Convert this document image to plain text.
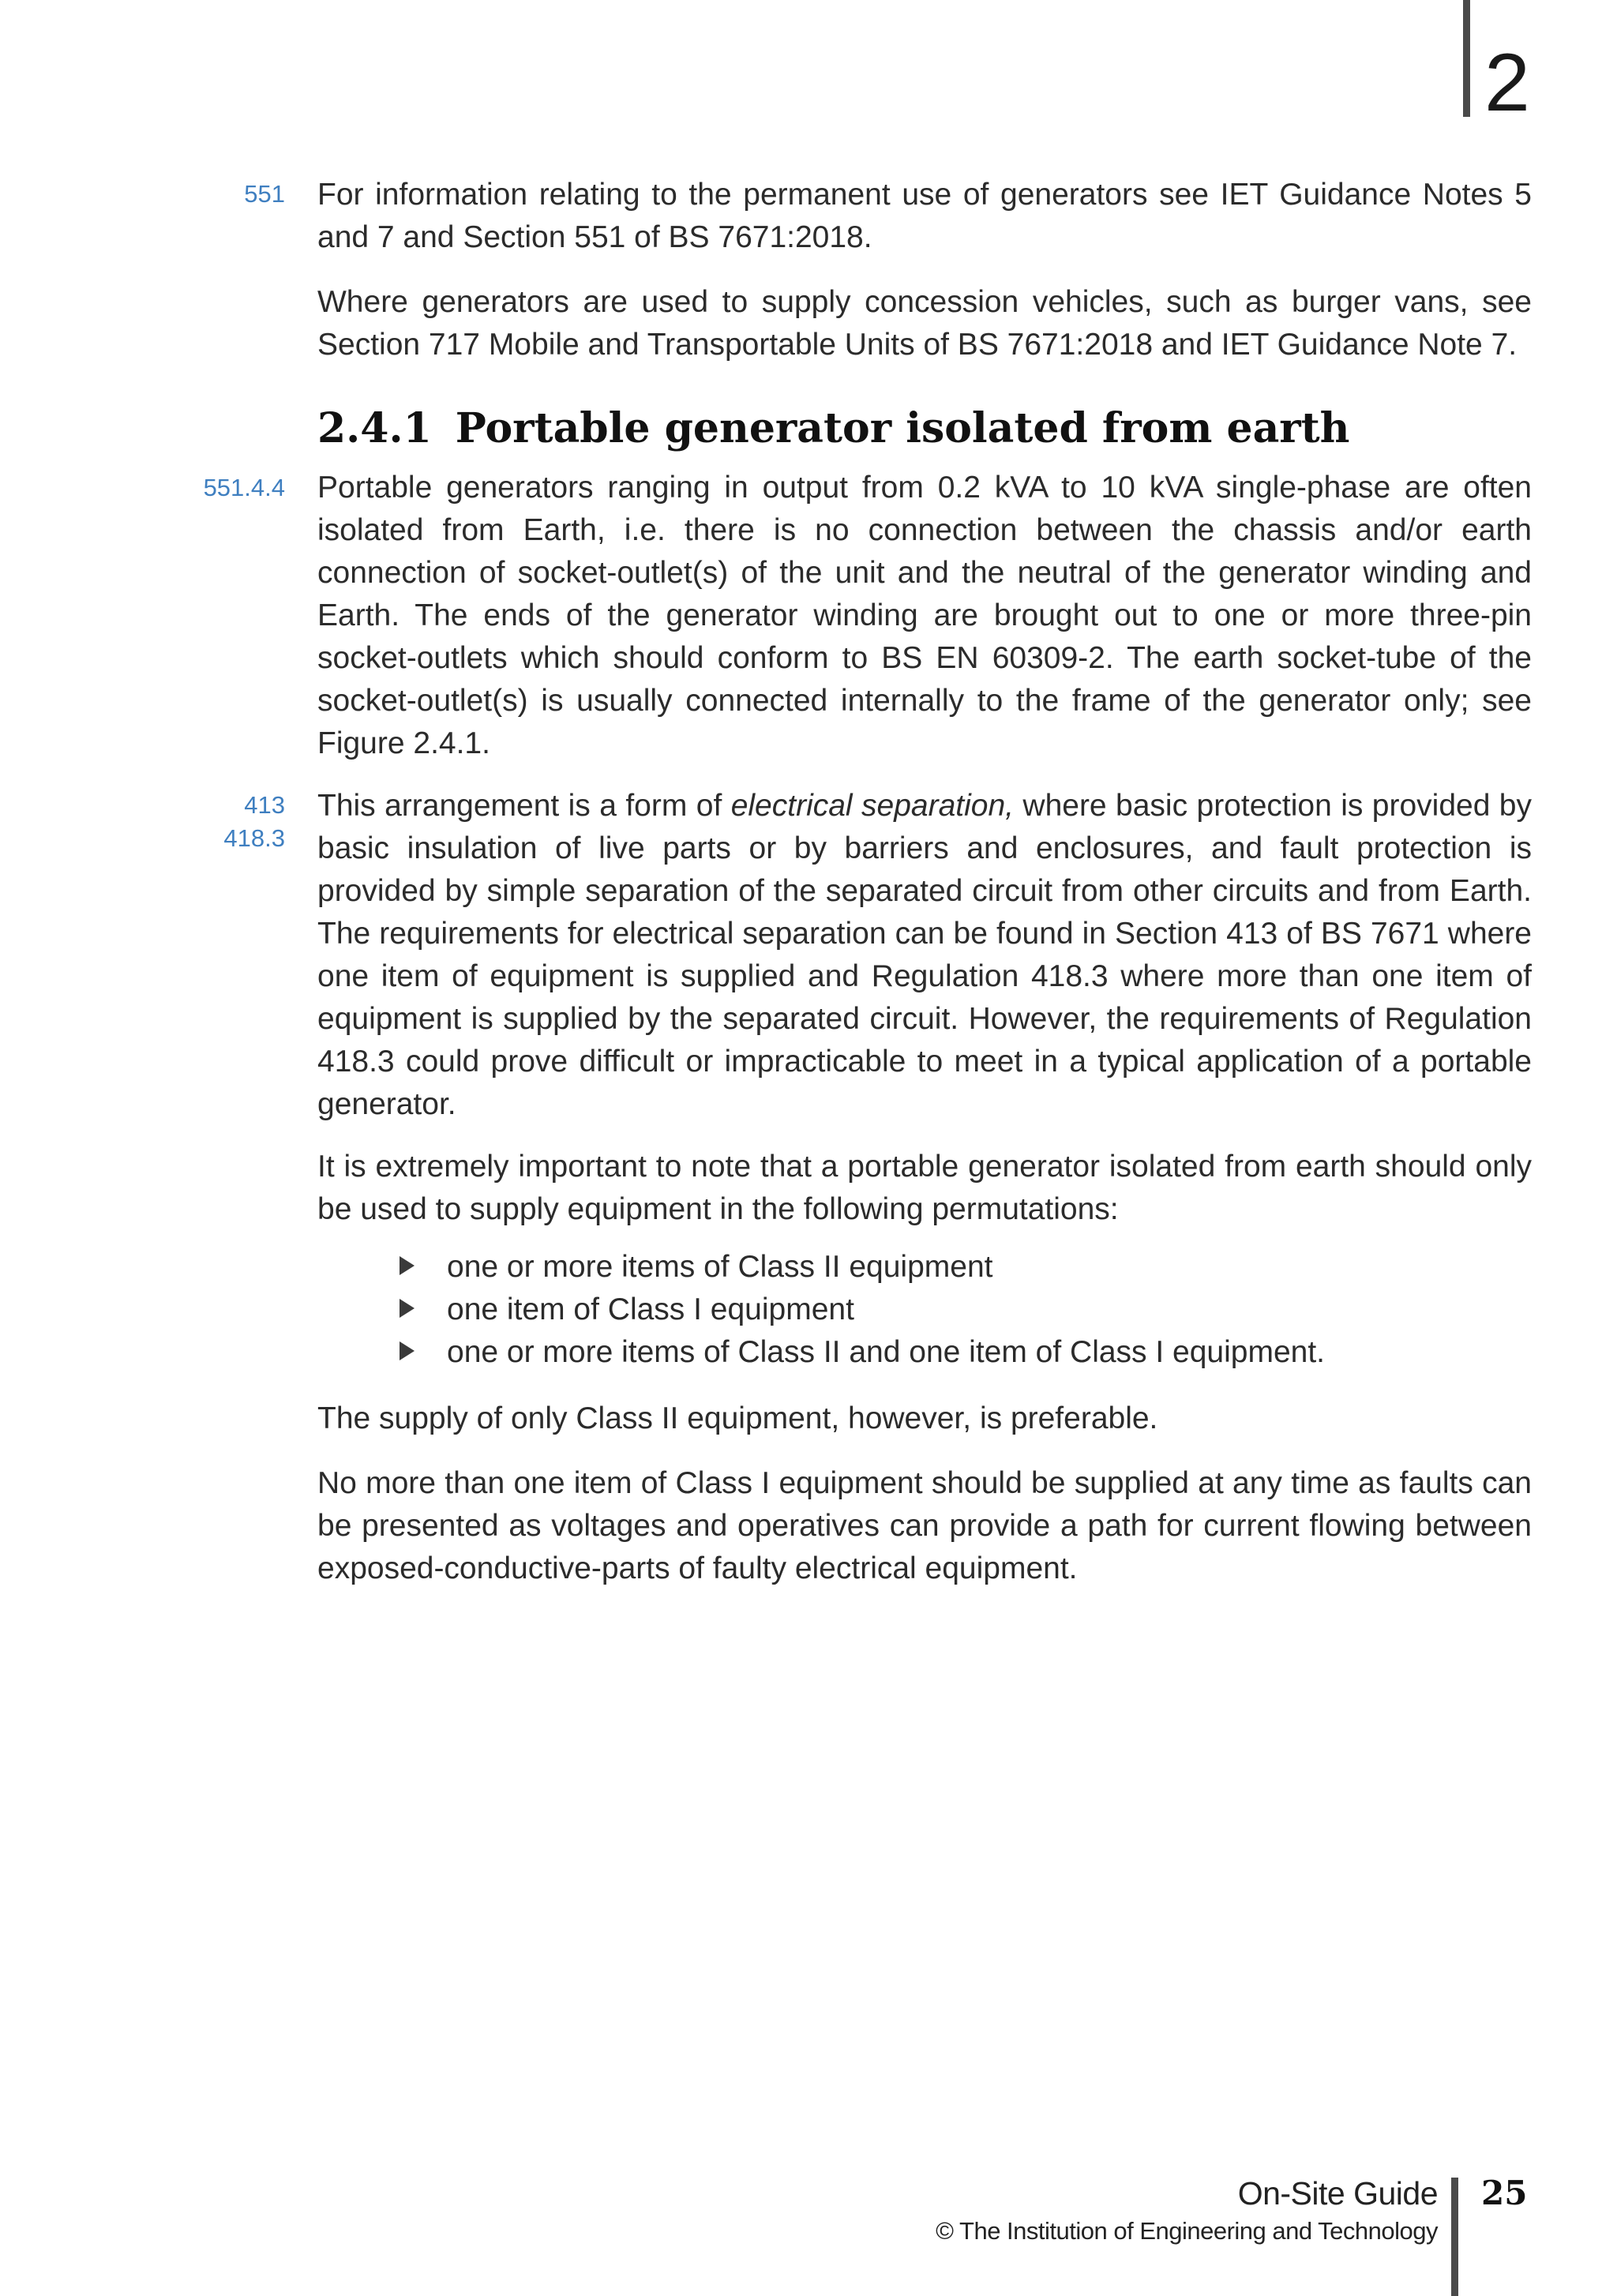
2
551 For information relating to the permanent use of generators see IET Guidance Notes 5 and 7 and Section 551 of BS 7671:2018.

Where generators are used to supply concession vehicles, such as burger vans, see Section 717 Mobile and Transportable Units of BS 7671:2018 and IET Guidance Note 7.

2.4.1 Portable generator isolated from earth
551.4.4 Portable generators ranging in output from 0.2 kVA to 10 kVA single-phase are often isolated from Earth, i.e. there is no connection between the chassis and/or earth connection of socket-outlet(s) of the unit and the neutral of the generator winding and Earth. The ends of the generator winding are brought out to one or more three-pin socket-outlets which should conform to BS EN 60309-2. The earth socket-tube of the socket-outlet(s) is usually connected internally to the frame of the generator only; see Figure 2.4.1.

413
418.3

This arrangement is a form of electrical separation, where basic protection is provided by basic insulation of live parts or by barriers and enclosures, and fault protection is provided by simple separation of the separated circuit from other circuits and from Earth. The requirements for electrical separation can be found in Section 413 of BS 7671 where one item of equipment is supplied and Regulation 418.3 where more than one item of equipment is supplied by the separated circuit. However, the requirements of Regulation 418.3 could prove difficult or impracticable to meet in a typical application of a portable generator.

It is extremely important to note that a portable generator isolated from earth should only be used to supply equipment in the following permutations:

one or more items of Class II equipment
one item of Class I equipment
one or more items of Class II and one item of Class I equipment.

The supply of only Class II equipment, however, is preferable.

No more than one item of Class I equipment should be supplied at any time as faults can be presented as voltages and operatives can provide a path for current flowing between exposed-conductive-parts of faulty electrical equipment.

On-Site Guide
© The Institution of Engineering and Technology
25
